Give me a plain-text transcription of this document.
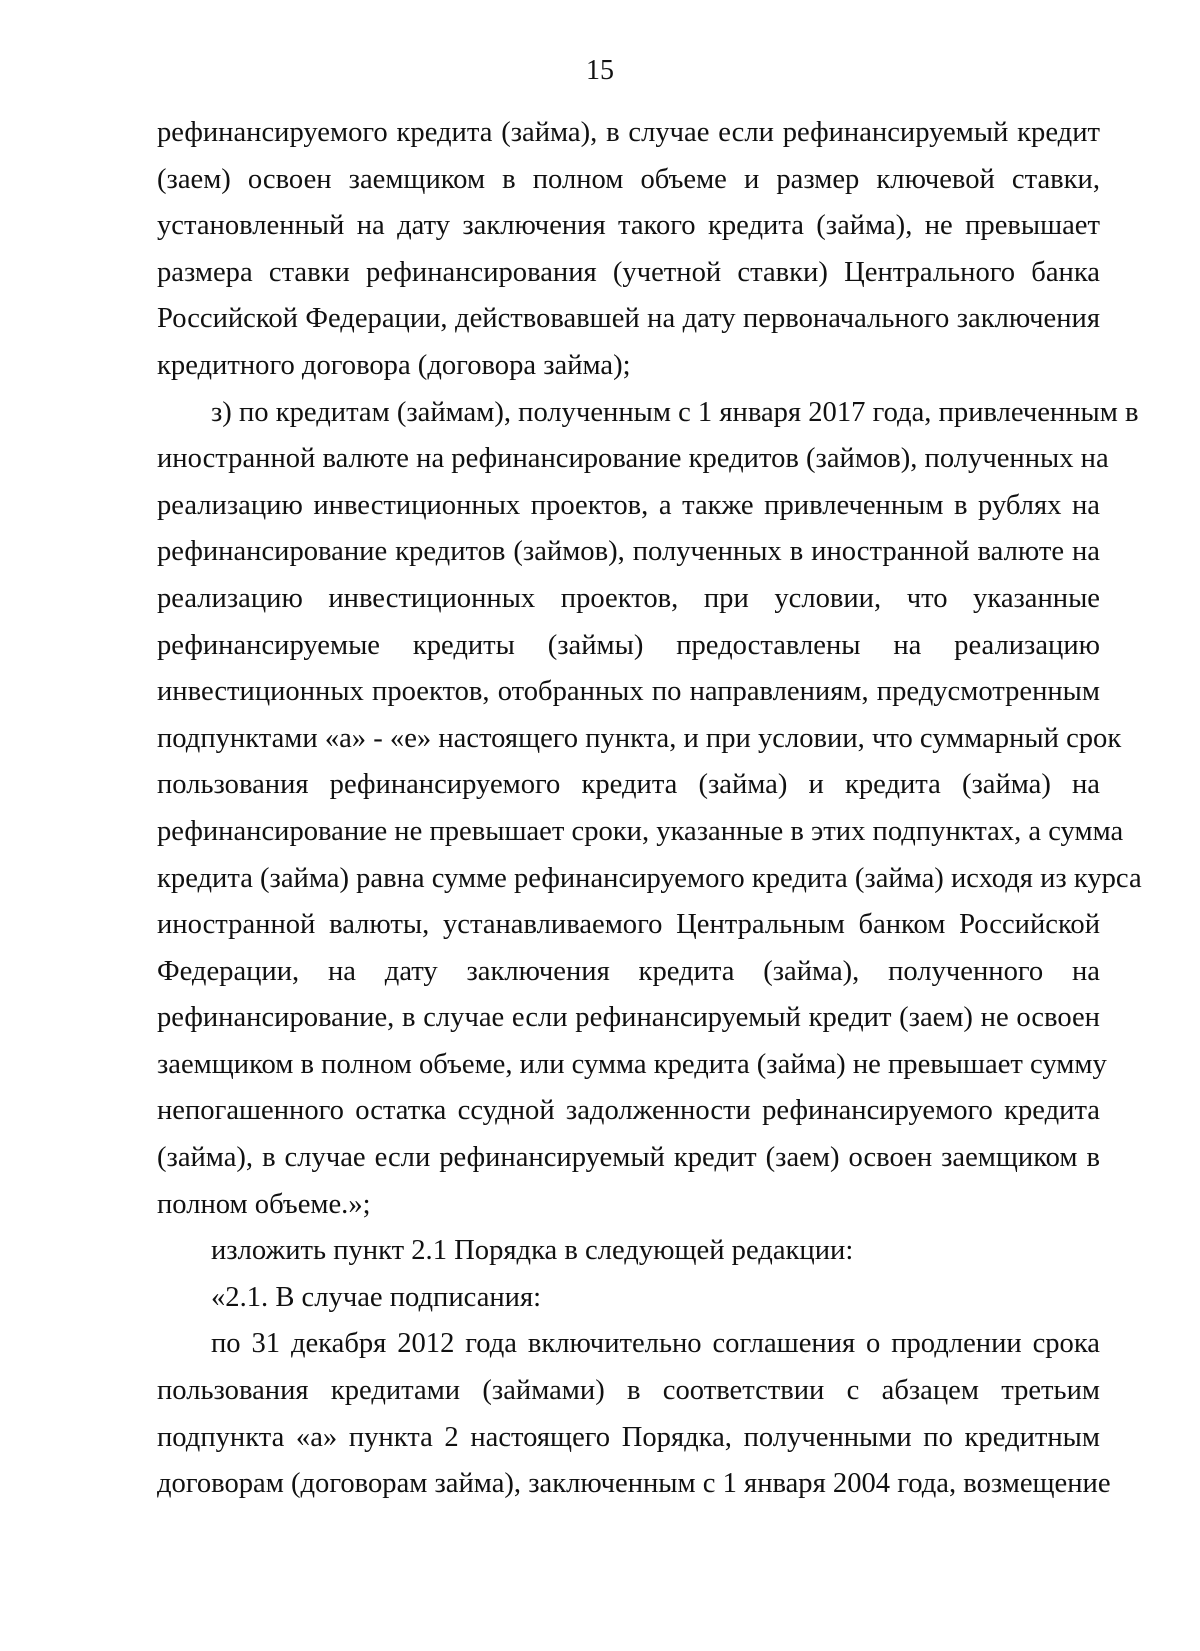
15
рефинансируемого кредита (займа), в случае если рефинансируемый кредит
(заем) освоен заемщиком в полном объеме и размер ключевой ставки,
установленный на дату заключения такого кредита (займа), не превышает
размера ставки рефинансирования (учетной ставки) Центрального банка
Российской Федерации, действовавшей на дату первоначального заключения
кредитного договора (договора займа);
з) по кредитам (займам), полученным с 1 января 2017 года, привлеченным в
иностранной валюте на рефинансирование кредитов (займов), полученных на
реализацию инвестиционных проектов, а также привлеченным в рублях на
рефинансирование кредитов (займов), полученных в иностранной валюте на
реализацию инвестиционных проектов, при условии, что указанные
рефинансируемые кредиты (займы) предоставлены на реализацию
инвестиционных проектов, отобранных по направлениям, предусмотренным
подпунктами «а» - «е» настоящего пункта, и при условии, что суммарный срок
пользования рефинансируемого кредита (займа) и кредита (займа) на
рефинансирование не превышает сроки, указанные в этих подпунктах, а сумма
кредита (займа) равна сумме рефинансируемого кредита (займа) исходя из курса
иностранной валюты, устанавливаемого Центральным банком Российской
Федерации, на дату заключения кредита (займа), полученного на
рефинансирование, в случае если рефинансируемый кредит (заем) не освоен
заемщиком в полном объеме, или сумма кредита (займа) не превышает сумму
непогашенного остатка ссудной задолженности рефинансируемого кредита
(займа), в случае если рефинансируемый кредит (заем) освоен заемщиком в
полном объеме.»;
изложить пункт 2.1 Порядка в следующей редакции:
«2.1. В случае подписания:
по 31 декабря 2012 года включительно соглашения о продлении срока
пользования кредитами (займами) в соответствии с абзацем третьим
подпункта «а» пункта 2 настоящего Порядка, полученными по кредитным
договорам (договорам займа), заключенным с 1 января 2004 года, возмещение
